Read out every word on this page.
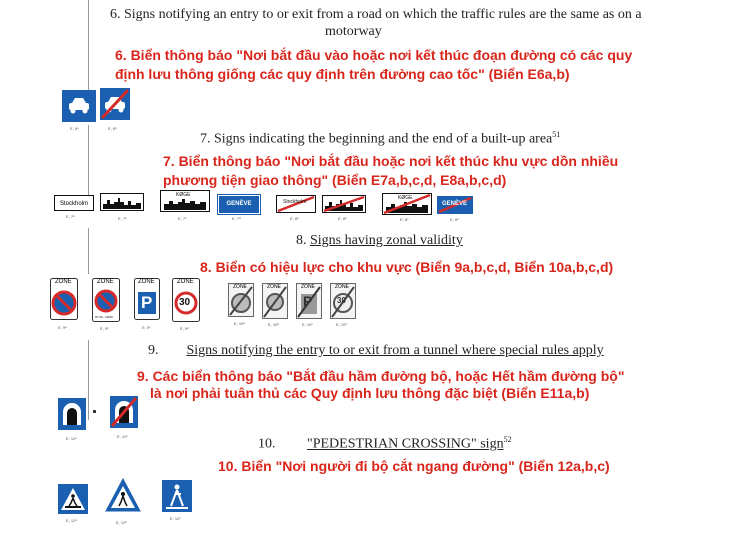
6. Signs notifying an entry to or exit from a road on which the traffic rules are the same as on a
motorway
6. Biển thông báo "Nơi bắt đầu vào hoặc nơi kết thúc đoạn đường có các quy
định lưu thông giống các quy định trên đường cao tốc" (Biển E6a,b)
E, 6ᵃ	E, 6ᵇ
7. Signs indicating the beginning and the end of a built-up area$^{51}$
7. Biển thông báo "Nơi bắt đầu hoặc nơi kết thúc khu vực dồn nhiều
phương tiện giao thông" (Biển E7a,b,c,d, E8a,b,c,d)
Stockholm
KØGE
GENÈVE	Stockholm
KØGE
GENÈVE
E, 7ᵃ	E, 7ᵇ	E, 7ᶜ	E, 7ᵈ	E, 8ᵃ	E, 8ᵇ	E, 8ᶜ	E, 8ᵈ
8. Signs having zonal validity
8. Biển có hiệu lực cho khu vực (Biển 9a,b,c,d, Biển 10a,b,c,d)
ZONE	ZONE
07:30 - 18:00
ZONE
P
ZONE
30
ZONE	ZONE	ZONE
P
ZONE
30
E, 9ᵃ	E, 9ᵇ	E, 9ᶜ	E, 9ᵈ
E, 10ᵃ	E, 10ᵇ	E, 10ᶜ	E, 10ᵈ
9. Signs notifying the entry to or exit from a tunnel where special rules apply
9. Các biển thông báo "Bắt đầu hầm đường bộ, hoặc Hết hầm đường bộ"
là nơi phải tuân thủ các Quy định lưu thông đặc biệt (Biển E11a,b)
E, 11ᵃ	E, 11ᵇ
10. "PEDESTRIAN CROSSING" sign$^{52}$
10. Biển "Nơi người đi bộ cắt ngang đường" (Biển 12a,b,c)
E, 12ᵃ	E, 12ᵇ
E, 12ᶜ
